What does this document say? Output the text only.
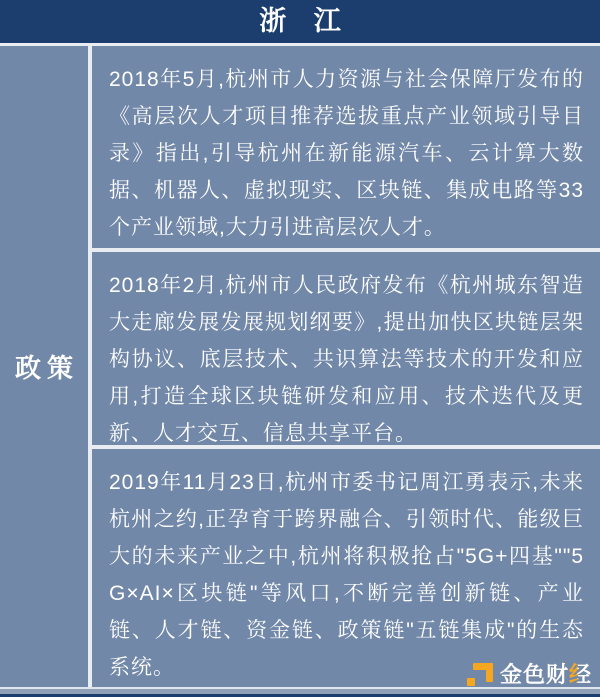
浙 江
政策

2018年5月,杭州市人力资源与社会保障厅发布的《高层次人才项目推荐选拔重点产业领域引导目录》指出,引导杭州在新能源汽车、云计算大数据、机器人、虚拟现实、区块链、集成电路等33个产业领域,大力引进高层次人才。

2018年2月,杭州市人民政府发布《杭州城东智造大走廊发展发展规划纲要》,提出加快区块链层架构协议、底层技术、共识算法等技术的开发和应用,打造全球区块链研发和应用、技术迭代及更新、人才交互、信息共享平台。

2019年11月23日,杭州市委书记周江勇表示,未来杭州之约,正孕育于跨界融合、引领时代、能级巨大的未来产业之中,杭州将积极抢占"5G+四基""5G×AI×区块链"等风口,不断完善创新链、产业链、人才链、资金链、政策链"五链集成"的生态系统。	金色财经
